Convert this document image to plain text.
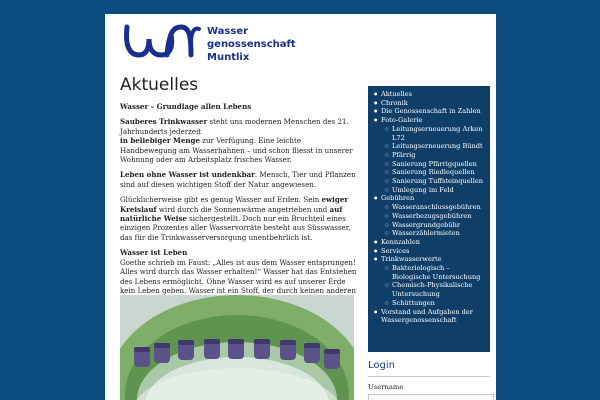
Wasser
genossenschaft
Muntlix
Aktuelles

Wasser – Grundlage allen Lebens

Sauberes Trinkwasser steht uns modernen Menschen des 21. Jahrhunderts jederzeit
in beliebiger Menge zur Verfügung. Eine leichte Handbewegung am Wasserhahnen – und schon fliesst in unserer Wohnung oder am Arbeitsplatz frisches Wasser.

Leben ohne Wasser ist undenkbar. Mensch, Tier und Pflanzen sind auf diesen wichtigen Stoff der Natur angewiesen.

Glücklicherweise gibt es genug Wasser auf Erden. Sein ewiger Kreislauf wird durch die Sonnenwärme angetrieben und auf natürliche Weise sichergestellt. Doch nur ein Bruchteil eines einzigen Prozentes aller Wasservorräte besteht aus Süsswasser, das für die Trinkwasserversorgung unentbehrlich ist.

Wasser ist Leben
Goethe schrieb im Faust: „Alles ist aus dem Wasser entsprungen! Alles wird durch das Wasser erhalten!“ Wasser hat das Entstehen des Lebens ermöglicht. Ohne Wasser wird es auf unserer Erde kein Leben geben. Wasser ist ein Stoff, der durch keinen anderen

● Aktuelles
● Chronik
● Die Genossenschaft in Zahlen
● Foto-Galerie
○ Leitungserneuerung Arken L72
○ Leitungserneuerung Bündt
○ Pfärrig
○ Sanierung Pfärrigquellen
○ Sanierung Riedlequellen
○ Sanierung Tuffsteinquellen
○ Umlegung im Feld
● Gebühren
○ Wasseranschlussgebühren
○ Wasserbezugsgebühren
○ Wassergrundgebühr
○ Wasserzählermieten
● Kennzahlen
● Services
● Trinkwasserwerte
○ Bakteriologisch – Biologische Untersuchung
○ Chemisch-Physikalische Untersuchung
○ Schüttungen
● Vorstand und Aufgaben der Wassergenossenschaft
Login
Username
